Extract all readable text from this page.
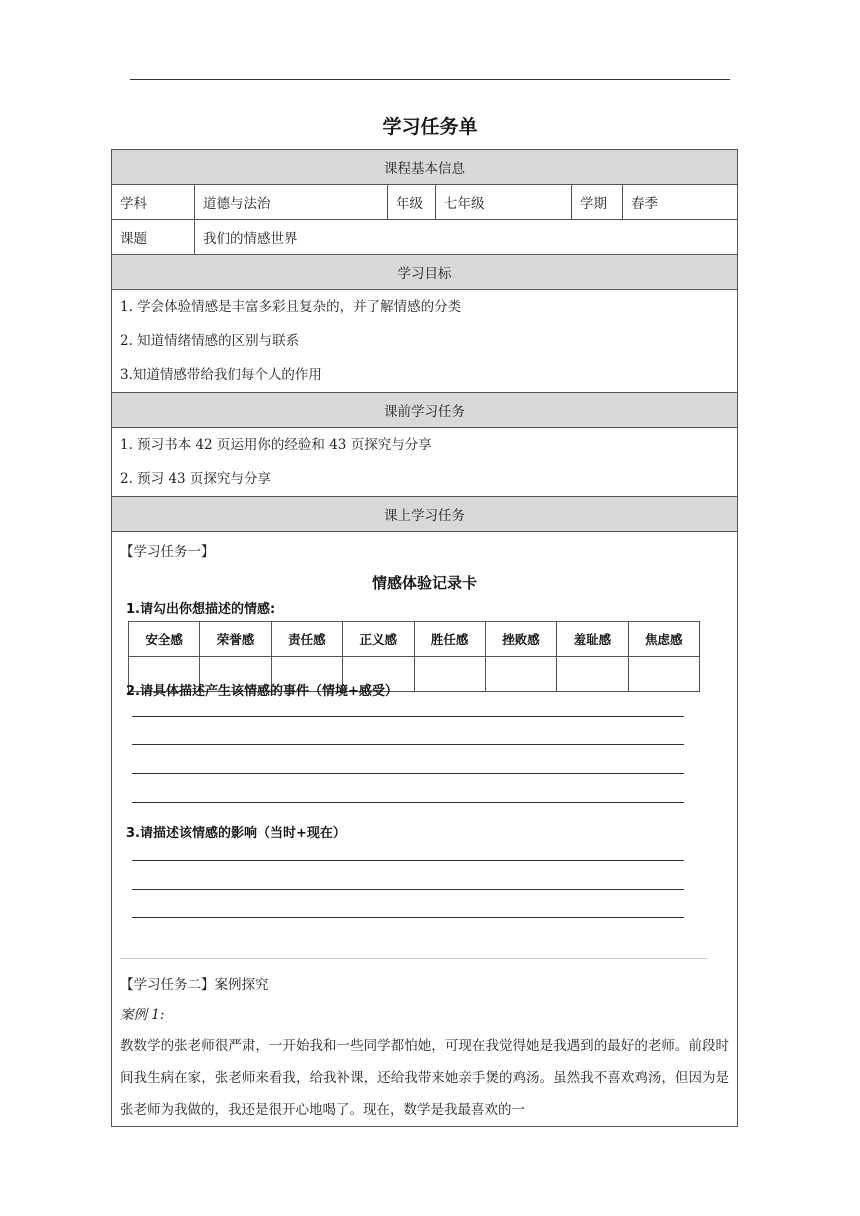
学习任务单
课程基本信息
学科	道德与法治	年级	七年级	学期	春季
课题	我们的情感世界
学习目标

1. 学会体验情感是丰富多彩且复杂的，并了解情感的分类
2. 知道情绪情感的区别与联系
3.知道情感带给我们每个人的作用

课前学习任务

1. 预习书本 42 页运用你的经验和 43 页探究与分享
2. 预习 43 页探究与分享

课上学习任务

【学习任务一】
情感体验记录卡
1.请勾出你想描述的情感:
安全感	荣誉感	责任感	正义感	胜任感	挫败感	羞耻感	焦虑感

2.请具体描述产生该情感的事件（情境+感受）
3.请描述该情感的影响（当时+现在）
【学习任务二】案例探究
案例 1:
教数学的张老师很严肃，一开始我和一些同学都怕她，可现在我觉得她是我遇到的最好的老师。前段时间我生病在家，张老师来看我，给我补课，还给我带来她亲手煲的鸡汤。虽然我不喜欢鸡汤，但因为是张老师为我做的，我还是很开心地喝了。现在，数学是我最喜欢的一
